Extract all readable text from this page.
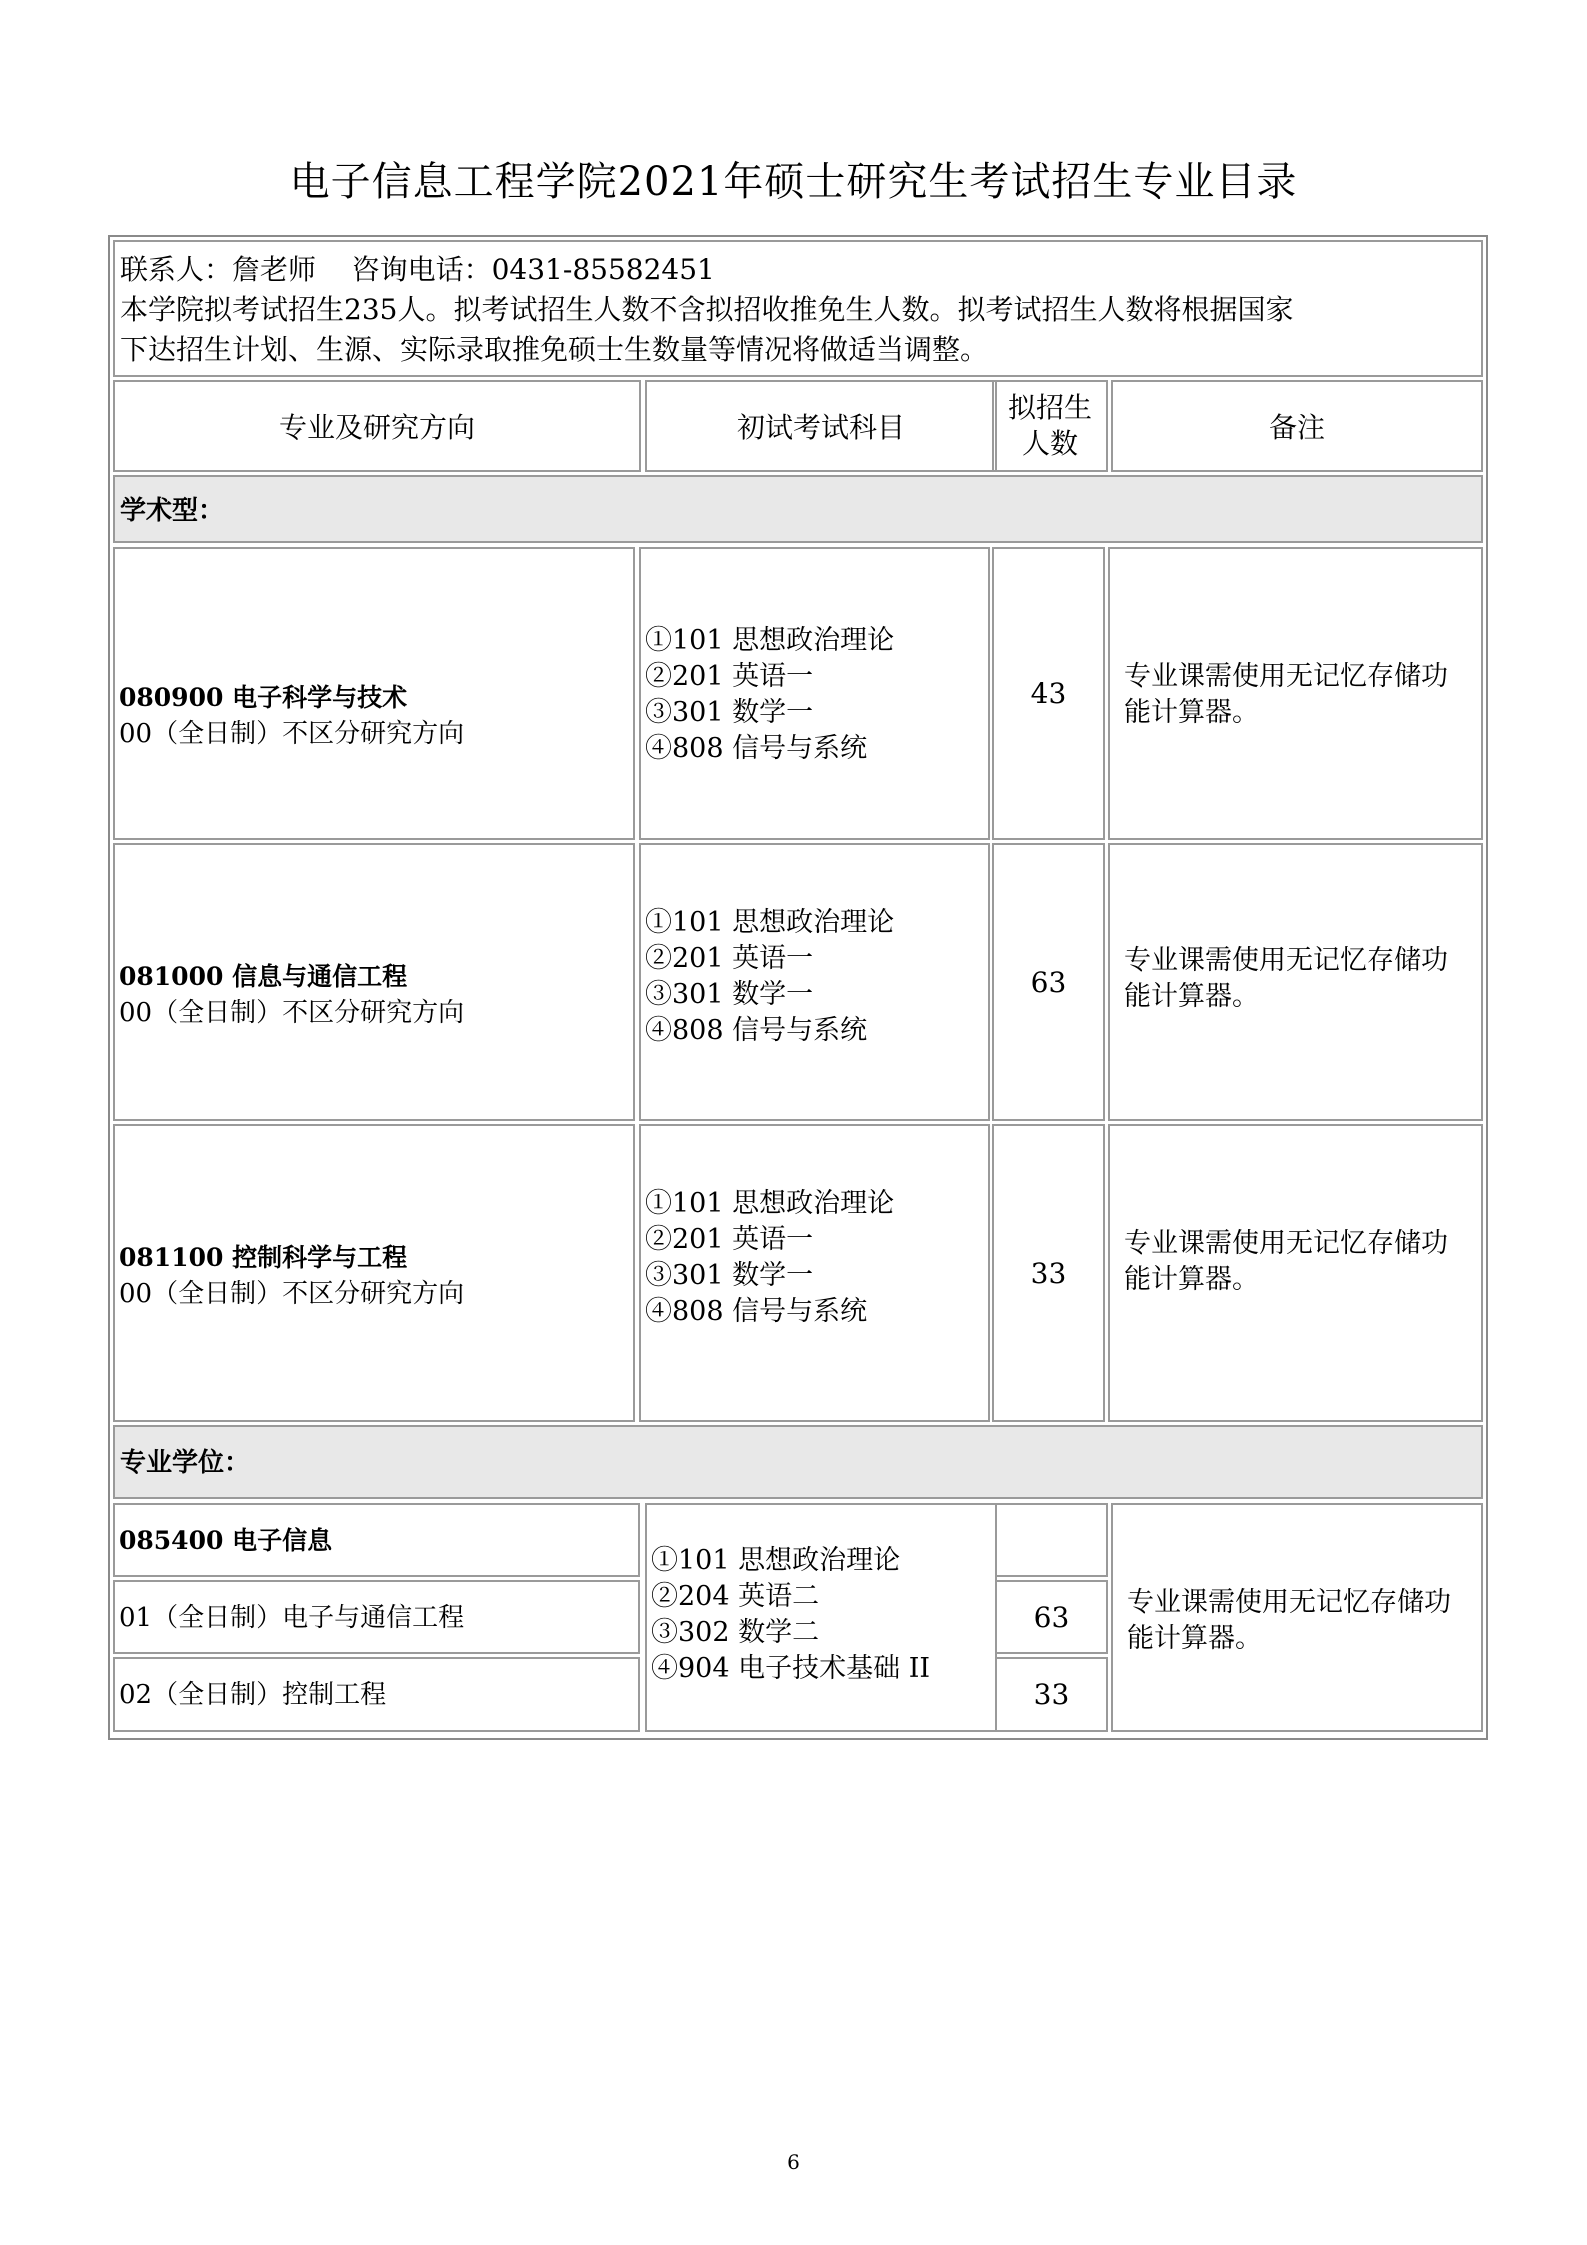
电子信息工程学院2021年硕士研究生考试招生专业目录
联系人：詹老师    咨询电话：0431-85582451
本学院拟考试招生235人。拟考试招生人数不含拟招收推免生人数。拟考试招生人数将根据国家
下达招生计划、生源、实际录取推免硕士生数量等情况将做适当调整。
专业及研究方向	初试考试科目
拟招生
人数	备注
学术型：
080900 电子科学与技术
00（全日制）不区分研究方向
①101 思想政治理论
②201 英语一
③301 数学一
④808 信号与系统
43
专业课需使用无记忆存储功
能计算器。
081000 信息与通信工程
00（全日制）不区分研究方向
①101 思想政治理论
②201 英语一
③301 数学一
④808 信号与系统
63
专业课需使用无记忆存储功
能计算器。
081100 控制科学与工程
00（全日制）不区分研究方向
①101 思想政治理论
②201 英语一
③301 数学一
④808 信号与系统
33
专业课需使用无记忆存储功
能计算器。
专业学位：
085400 电子信息
01（全日制）电子与通信工程
02（全日制）控制工程
①101 思想政治理论
②204 英语二
③302 数学二
④904 电子技术基础 II
63
33
专业课需使用无记忆存储功
能计算器。
6
